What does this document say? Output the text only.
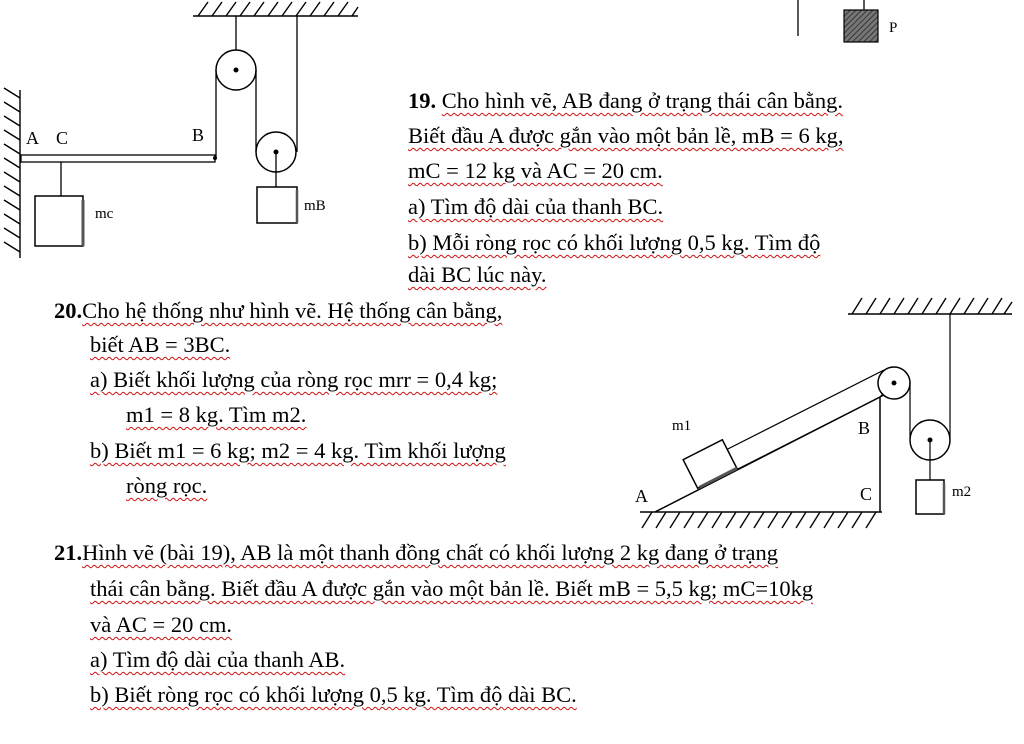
A C	B
mc	mB
P
m1	B
A	C	m2
19. Cho hình vẽ, AB đang ở trạng thái cân bằng.
Biết đầu A được gắn vào một bản lề, mB = 6 kg,
mC = 12 kg và AC = 20 cm.
a) Tìm độ dài của thanh BC.
b) Mỗi ròng rọc có khối lượng 0,5 kg. Tìm độ
dài BC lúc này.
20.Cho hệ thống như hình vẽ. Hệ thống cân bằng,
biết AB = 3BC.
a) Biết khối lượng của ròng rọc mrr = 0,4 kg;
m1 = 8 kg. Tìm m2.
b) Biết m1 = 6 kg; m2 = 4 kg. Tìm khối lượng
ròng rọc.
21.Hình vẽ (bài 19), AB là một thanh đồng chất có khối lượng 2 kg đang ở trạng
thái cân bằng. Biết đầu A được gắn vào một bản lề. Biết mB = 5,5 kg; mC=10kg
và AC = 20 cm.
a) Tìm độ dài của thanh AB.
b) Biết ròng rọc có khối lượng 0,5 kg. Tìm độ dài BC.
